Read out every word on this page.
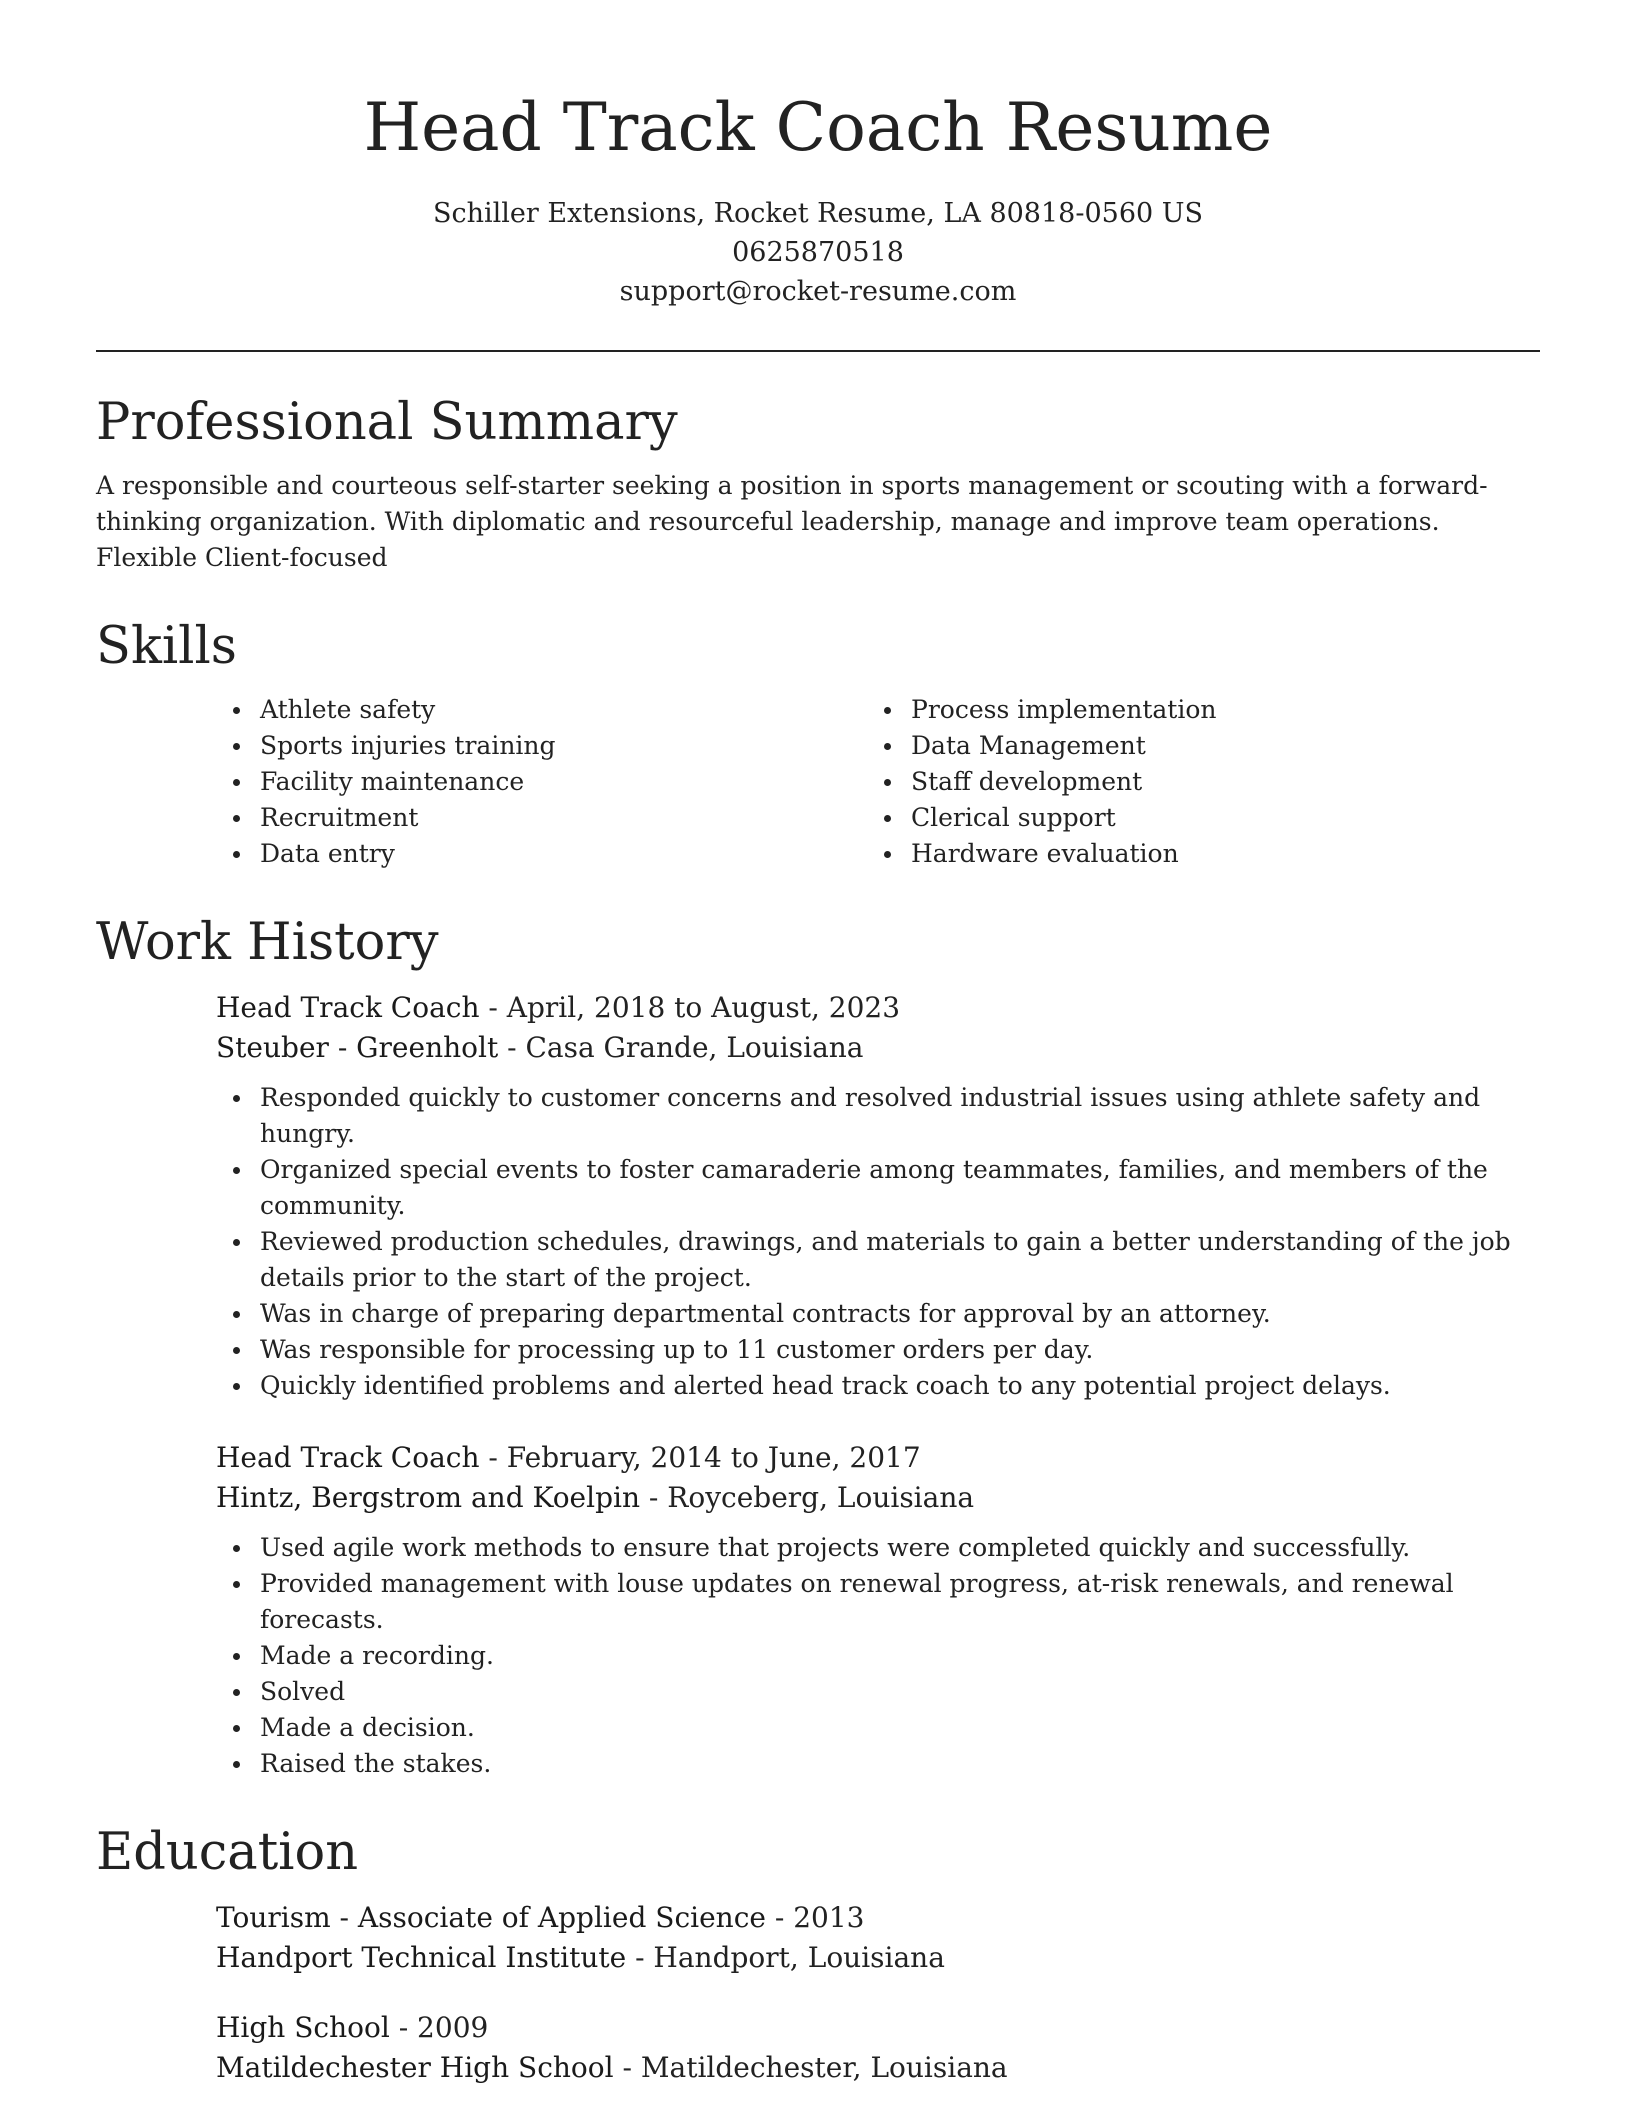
Head Track Coach Resume

Schiller Extensions, Rocket Resume, LA 80818-0560 US

0625870518

support@rocket-resume.com

Professional Summary

A responsible and courteous self-starter seeking a position in sports management or scouting with a forward-thinking organization. With diplomatic and resourceful leadership, manage and improve team operations. Flexible Client-focused

Skills
Athlete safety
Sports injuries training
Facility maintenance
Recruitment
Data entry
Process implementation
Data Management
Staff development
Clerical support
Hardware evaluation
Work History

Head Track Coach - April, 2018 to August, 2023

Steuber - Greenholt - Casa Grande, Louisiana

Responded quickly to customer concerns and resolved industrial issues using athlete safety and hungry.
Organized special events to foster camaraderie among teammates, families, and members of the community.
Reviewed production schedules, drawings, and materials to gain a better understanding of the job details prior to the start of the project.
Was in charge of preparing departmental contracts for approval by an attorney.
Was responsible for processing up to 11 customer orders per day.
Quickly identified problems and alerted head track coach to any potential project delays.

Head Track Coach - February, 2014 to June, 2017

Hintz, Bergstrom and Koelpin - Royceberg, Louisiana

Used agile work methods to ensure that projects were completed quickly and successfully.
Provided management with louse updates on renewal progress, at-risk renewals, and renewal forecasts.
Made a recording.
Solved
Made a decision.
Raised the stakes.
Education

Tourism - Associate of Applied Science - 2013

Handport Technical Institute - Handport, Louisiana

High School - 2009

Matildechester High School - Matildechester, Louisiana
